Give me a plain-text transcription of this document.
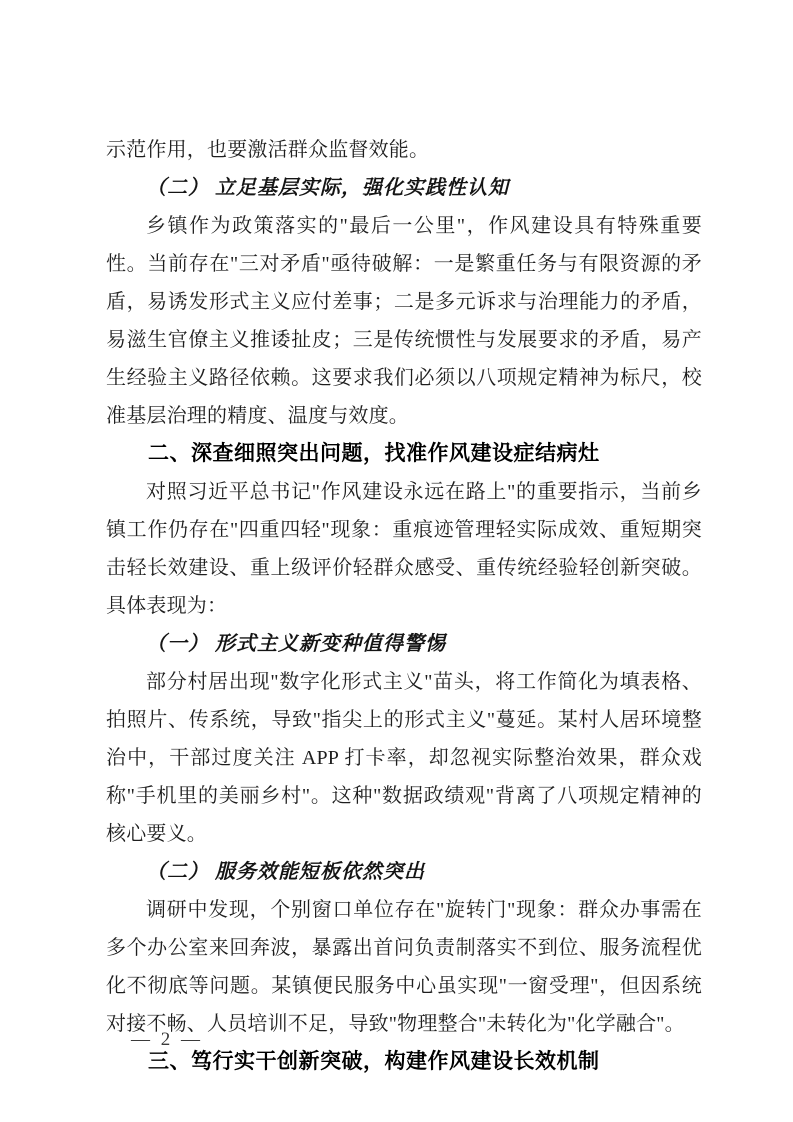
示范作用，也要激活群众监督效能。

（二） 立足基层实际，强化实践性认知

乡镇作为政策落实的"最后一公里"，作风建设具有特殊重要性。当前存在"三对矛盾"亟待破解：一是繁重任务与有限资源的矛盾，易诱发形式主义应付差事；二是多元诉求与治理能力的矛盾，易滋生官僚主义推诿扯皮；三是传统惯性与发展要求的矛盾，易产生经验主义路径依赖。这要求我们必须以八项规定精神为标尺，校准基层治理的精度、温度与效度。

二、深查细照突出问题，找准作风建设症结病灶

对照习近平总书记"作风建设永远在路上"的重要指示，当前乡镇工作仍存在"四重四轻"现象：重痕迹管理轻实际成效、重短期突击轻长效建设、重上级评价轻群众感受、重传统经验轻创新突破。具体表现为：

（一） 形式主义新变种值得警惕

部分村居出现"数字化形式主义"苗头，将工作简化为填表格、拍照片、传系统，导致"指尖上的形式主义"蔓延。某村人居环境整治中，干部过度关注 APP 打卡率，却忽视实际整治效果，群众戏称"手机里的美丽乡村"。这种"数据政绩观"背离了八项规定精神的核心要义。

（二） 服务效能短板依然突出

调研中发现，个别窗口单位存在"旋转门"现象：群众办事需在多个办公室来回奔波，暴露出首问负责制落实不到位、服务流程优化不彻底等问题。某镇便民服务中心虽实现"一窗受理"，但因系统对接不畅、人员培训不足，导致"物理整合"未转化为"化学融合"。

三、笃行实干创新突破，构建作风建设长效机制

— 2 —
